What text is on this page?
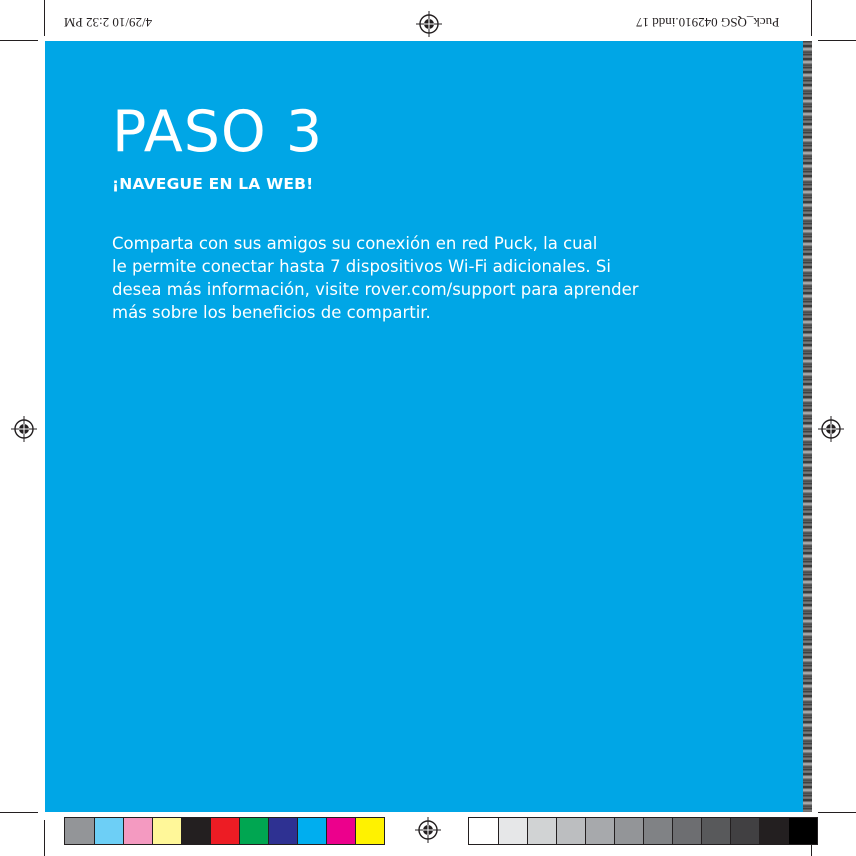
4/29/10 2:32 PM	Puck_QSG 042910.indd 17
PASO 3
¡NAVEGUE EN LA WEB!

Comparta con sus amigos su conexión en red Puck, la cual
le permite conectar hasta 7 dispositivos Wi-Fi adicionales. Si
desea más información, visite rover.com/support para aprender
más sobre los beneficios de compartir.
